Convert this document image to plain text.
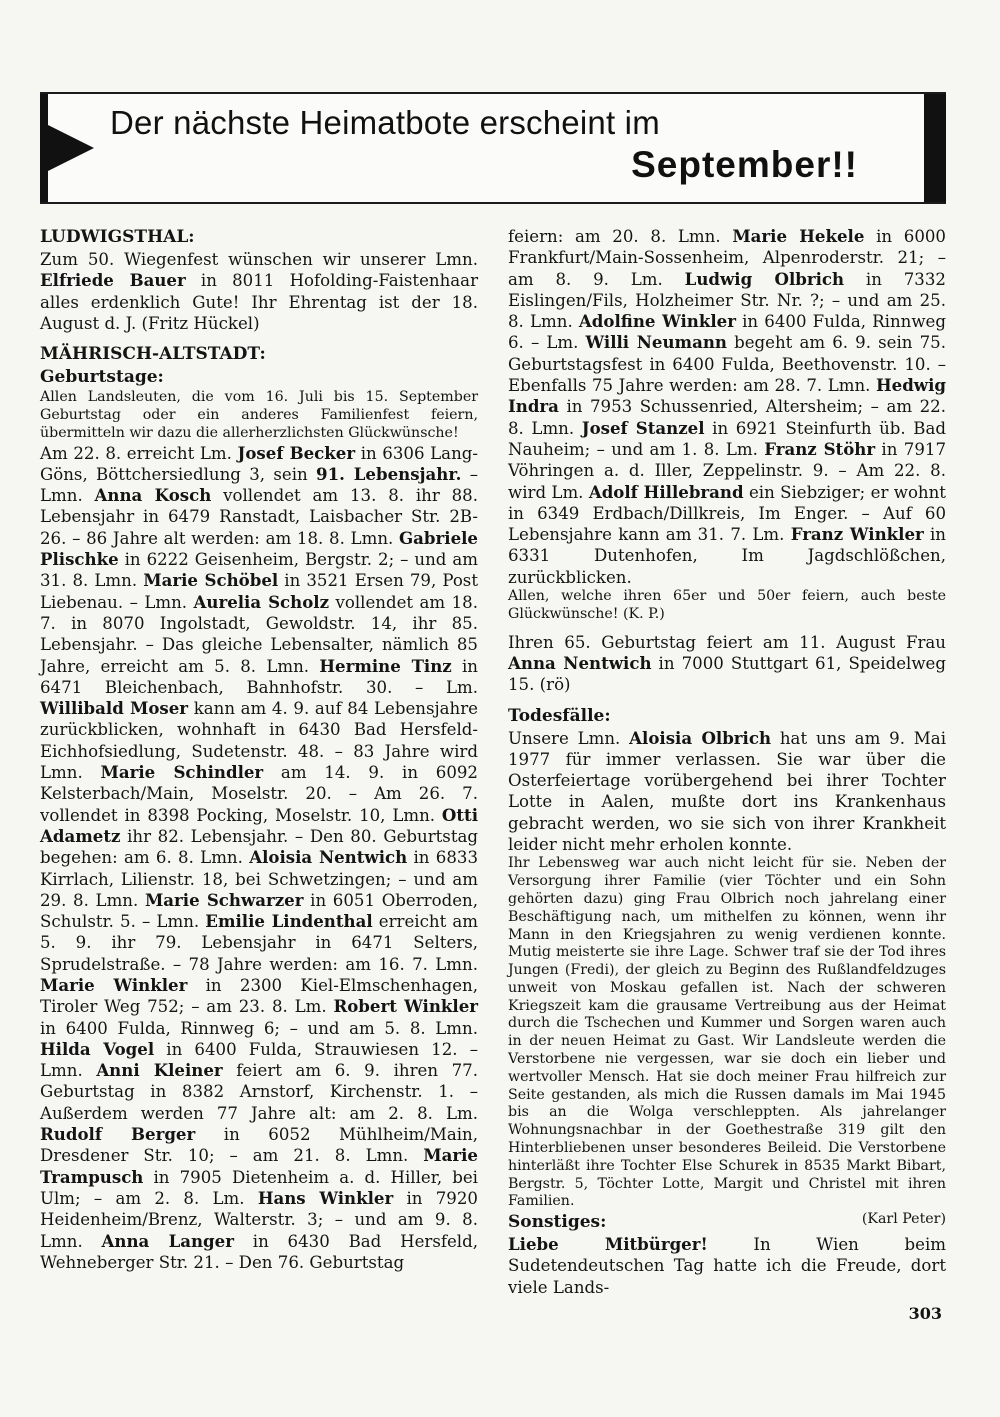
Der nächste Heimatbote erscheint im
September!!
LUDWIGSTHAL:

Zum 50. Wiegenfest wünschen wir unserer Lmn. Elfriede Bauer in 8011 Hofolding-Faistenhaar alles erdenklich Gute! Ihr Ehrentag ist der 18. August d. J. (Fritz Hückel)

MÄHRISCH-ALTSTADT:
Geburtstage:

Allen Landsleuten, die vom 16. Juli bis 15. September Geburtstag oder ein anderes Familienfest feiern, übermitteln wir dazu die allerherzlichsten Glückwünsche!

Am 22. 8. erreicht Lm. Josef Becker in 6306 Lang-Göns, Böttchersiedlung 3, sein 91. Lebensjahr. – Lmn. Anna Kosch vollendet am 13. 8. ihr 88. Lebensjahr in 6479 Ranstadt, Laisbacher Str. 2B-26. – 86 Jahre alt werden: am 18. 8. Lmn. Gabriele Plischke in 6222 Geisenheim, Bergstr. 2; – und am 31. 8. Lmn. Marie Schöbel in 3521 Ersen 79, Post Liebenau. – Lmn. Aurelia Scholz vollendet am 18. 7. in 8070 Ingolstadt, Gewoldstr. 14, ihr 85. Lebensjahr. – Das gleiche Lebensalter, nämlich 85 Jahre, erreicht am 5. 8. Lmn. Hermine Tinz in 6471 Bleichenbach, Bahnhofstr. 30. – Lm. Willibald Moser kann am 4. 9. auf 84 Lebensjahre zurückblicken, wohnhaft in 6430 Bad Hersfeld-Eichhofsiedlung, Sudetenstr. 48. – 83 Jahre wird Lmn. Marie Schindler am 14. 9. in 6092 Kelsterbach/Main, Moselstr. 20. – Am 26. 7. vollendet in 8398 Pocking, Moselstr. 10, Lmn. Otti Adametz ihr 82. Lebensjahr. – Den 80. Geburtstag begehen: am 6. 8. Lmn. Aloisia Nentwich in 6833 Kirrlach, Lilienstr. 18, bei Schwetzingen; – und am 29. 8. Lmn. Marie Schwarzer in 6051 Oberroden, Schulstr. 5. – Lmn. Emilie Lindenthal erreicht am 5. 9. ihr 79. Lebensjahr in 6471 Selters, Sprudelstraße. – 78 Jahre werden: am 16. 7. Lmn. Marie Winkler in 2300 Kiel-Elmschenhagen, Tiroler Weg 752; – am 23. 8. Lm. Robert Winkler in 6400 Fulda, Rinnweg 6; – und am 5. 8. Lmn. Hilda Vogel in 6400 Fulda, Strauwiesen 12. – Lmn. Anni Kleiner feiert am 6. 9. ihren 77. Geburtstag in 8382 Arnstorf, Kirchenstr. 1. – Außerdem werden 77 Jahre alt: am 2. 8. Lm. Rudolf Berger in 6052 Mühlheim/Main, Dresdener Str. 10; – am 21. 8. Lmn. Marie Trampusch in 7905 Dietenheim a. d. Hiller, bei Ulm; – am 2. 8. Lm. Hans Winkler in 7920 Heidenheim/Brenz, Walterstr. 3; – und am 9. 8. Lmn. Anna Langer in 6430 Bad Hersfeld, Wehneberger Str. 21. – Den 76. Geburtstag

feiern: am 20. 8. Lmn. Marie Hekele in 6000 Frankfurt/Main-Sossenheim, Alpenroderstr. 21; – am 8. 9. Lm. Ludwig Olbrich in 7332 Eislingen/Fils, Holzheimer Str. Nr. ?; – und am 25. 8. Lmn. Adolfine Winkler in 6400 Fulda, Rinnweg 6. – Lm. Willi Neumann begeht am 6. 9. sein 75. Geburtstagsfest in 6400 Fulda, Beethovenstr. 10. – Ebenfalls 75 Jahre werden: am 28. 7. Lmn. Hedwig Indra in 7953 Schussenried, Altersheim; – am 22. 8. Lmn. Josef Stanzel in 6921 Steinfurth üb. Bad Nauheim; – und am 1. 8. Lm. Franz Stöhr in 7917 Vöhringen a. d. Iller, Zeppelinstr. 9. – Am 22. 8. wird Lm. Adolf Hillebrand ein Siebziger; er wohnt in 6349 Erdbach/Dillkreis, Im Enger. – Auf 60 Lebensjahre kann am 31. 7. Lm. Franz Winkler in 6331 Dutenhofen, Im Jagdschlößchen, zurückblicken.

Allen, welche ihren 65er und 50er feiern, auch beste Glückwünsche! (K. P.)

Ihren 65. Geburtstag feiert am 11. August Frau Anna Nentwich in 7000 Stuttgart 61, Speidelweg 15. (rö)

Todesfälle:

Unsere Lmn. Aloisia Olbrich hat uns am 9. Mai 1977 für immer verlassen. Sie war über die Osterfeiertage vorübergehend bei ihrer Tochter Lotte in Aalen, mußte dort ins Krankenhaus gebracht werden, wo sie sich von ihrer Krankheit leider nicht mehr erholen konnte.

Ihr Lebensweg war auch nicht leicht für sie. Neben der Versorgung ihrer Familie (vier Töchter und ein Sohn gehörten dazu) ging Frau Olbrich noch jahrelang einer Beschäftigung nach, um mithelfen zu können, wenn ihr Mann in den Kriegsjahren zu wenig verdienen konnte. Mutig meisterte sie ihre Lage. Schwer traf sie der Tod ihres Jungen (Fredi), der gleich zu Beginn des Rußlandfeldzuges unweit von Moskau gefallen ist. Nach der schweren Kriegszeit kam die grausame Vertreibung aus der Heimat durch die Tschechen und Kummer und Sorgen waren auch in der neuen Heimat zu Gast. Wir Landsleute werden die Verstorbene nie vergessen, war sie doch ein lieber und wertvoller Mensch. Hat sie doch meiner Frau hilfreich zur Seite gestanden, als mich die Russen damals im Mai 1945 bis an die Wolga verschleppten. Als jahrelanger Wohnungsnachbar in der Goethestraße 319 gilt den Hinterbliebenen unser besonderes Beileid. Die Verstorbene hinterläßt ihre Tochter Else Schurek in 8535 Markt Bibart, Bergstr. 5, Töchter Lotte, Margit und Christel mit ihren Familien.

(Karl Peter)

Sonstiges:

Liebe Mitbürger! In Wien beim Sudetendeutschen Tag hatte ich die Freude, dort viele Lands-

303
